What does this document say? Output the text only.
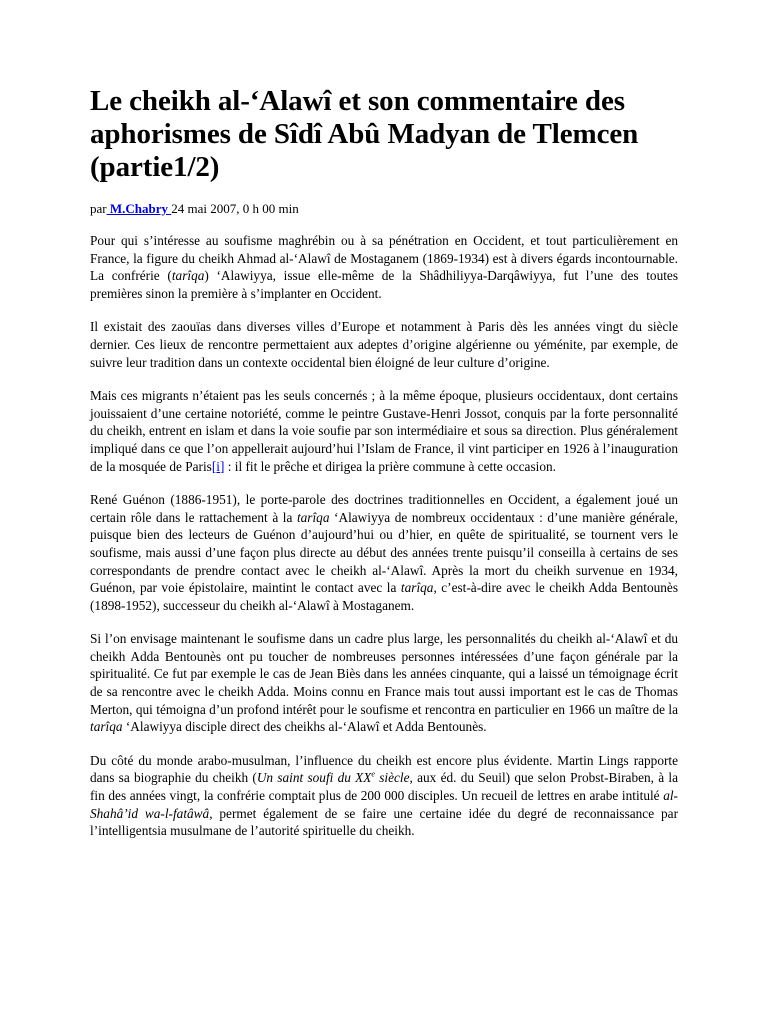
Le cheikh al-‘Alawî et son commentaire des aphorismes de Sîdî Abû Madyan de Tlemcen (partie1/2)
par M.Chabry 24 mai 2007, 0 h 00 min

Pour qui s’intéresse au soufisme maghrébin ou à sa pénétration en Occident, et tout particulièrement en France, la figure du cheikh Ahmad al-‘Alawî de Mostaganem (1869-1934) est à divers égards incontournable. La confrérie (tarîqa) ‘Alawiyya, issue elle-même de la Shâdhiliyya-Darqâwiyya, fut l’une des toutes premières sinon la première à s’implanter en Occident.

Il existait des zaouïas dans diverses villes d’Europe et notamment à Paris dès les années vingt du siècle dernier. Ces lieux de rencontre permettaient aux adeptes d’origine algérienne ou yéménite, par exemple, de suivre leur tradition dans un contexte occidental bien éloigné de leur culture d’origine.

Mais ces migrants n’étaient pas les seuls concernés ; à la même époque, plusieurs occidentaux, dont certains jouissaient d’une certaine notoriété, comme le peintre Gustave-Henri Jossot, conquis par la forte personnalité du cheikh, entrent en islam et dans la voie soufie par son intermédiaire et sous sa direction. Plus généralement impliqué dans ce que l’on appellerait aujourd’hui l’Islam de France, il vint participer en 1926 à l’inauguration de la mosquée de Paris[i] : il fit le prêche et dirigea la prière commune à cette occasion.

René Guénon (1886-1951), le porte-parole des doctrines traditionnelles en Occident, a également joué un certain rôle dans le rattachement à la tarîqa ‘Alawiyya de nombreux occidentaux : d’une manière générale, puisque bien des lecteurs de Guénon d’aujourd’hui ou d’hier, en quête de spiritualité, se tournent vers le soufisme, mais aussi d’une façon plus directe au début des années trente puisqu’il conseilla à certains de ses correspondants de prendre contact avec le cheikh al-‘Alawî. Après la mort du cheikh survenue en 1934, Guénon, par voie épistolaire, maintint le contact avec la tarîqa, c’est-à-dire avec le cheikh Adda Bentounès (1898-1952), successeur du cheikh al-‘Alawî à Mostaganem.

Si l’on envisage maintenant le soufisme dans un cadre plus large, les personnalités du cheikh al-‘Alawî et du cheikh Adda Bentounès ont pu toucher de nombreuses personnes intéressées d’une façon générale par la spiritualité. Ce fut par exemple le cas de Jean Biès dans les années cinquante, qui a laissé un témoignage écrit de sa rencontre avec le cheikh Adda. Moins connu en France mais tout aussi important est le cas de Thomas Merton, qui témoigna d’un profond intérêt pour le soufisme et rencontra en particulier en 1966 un maître de la tarîqa ‘Alawiyya disciple direct des cheikhs al-‘Alawî et Adda Bentounès.

Du côté du monde arabo-musulman, l’influence du cheikh est encore plus évidente. Martin Lings rapporte dans sa biographie du cheikh (Un saint soufi du XXe siècle, aux éd. du Seuil) que selon Probst-Biraben, à la fin des années vingt, la confrérie comptait plus de 200 000 disciples. Un recueil de lettres en arabe intitulé al-Shahâ’id wa-l-fatâwâ, permet également de se faire une certaine idée du degré de reconnaissance par l’intelligentsia musulmane de l’autorité spirituelle du cheikh.
